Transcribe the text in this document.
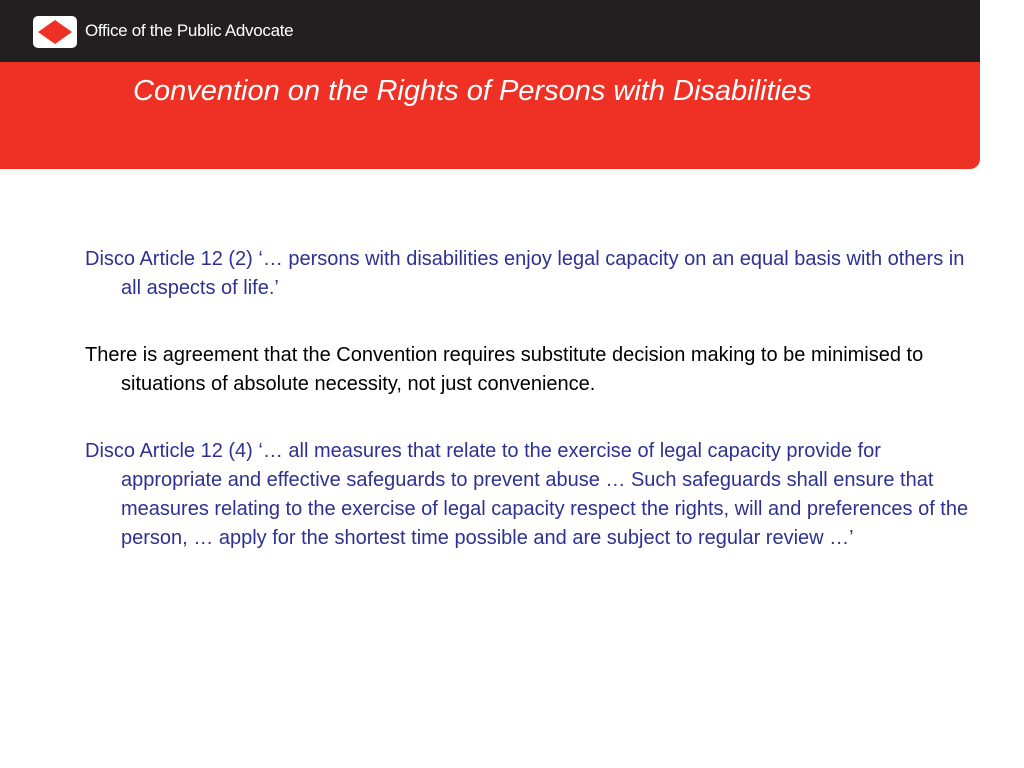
Office of the Public Advocate
Convention on the Rights of Persons with Disabilities

Disco Article 12 (2) ‘… persons with disabilities enjoy legal capacity on an equal basis with others in all aspects of life.’

There is agreement that the Convention requires substitute decision making to be minimised to situations of absolute necessity, not just convenience.

Disco Article 12 (4) ‘… all measures that relate to the exercise of legal capacity provide for appropriate and effective safeguards to prevent abuse … Such safeguards shall ensure that measures relating to the exercise of legal capacity respect the rights, will and preferences of the person, … apply for the shortest time possible and are subject to regular review …’
